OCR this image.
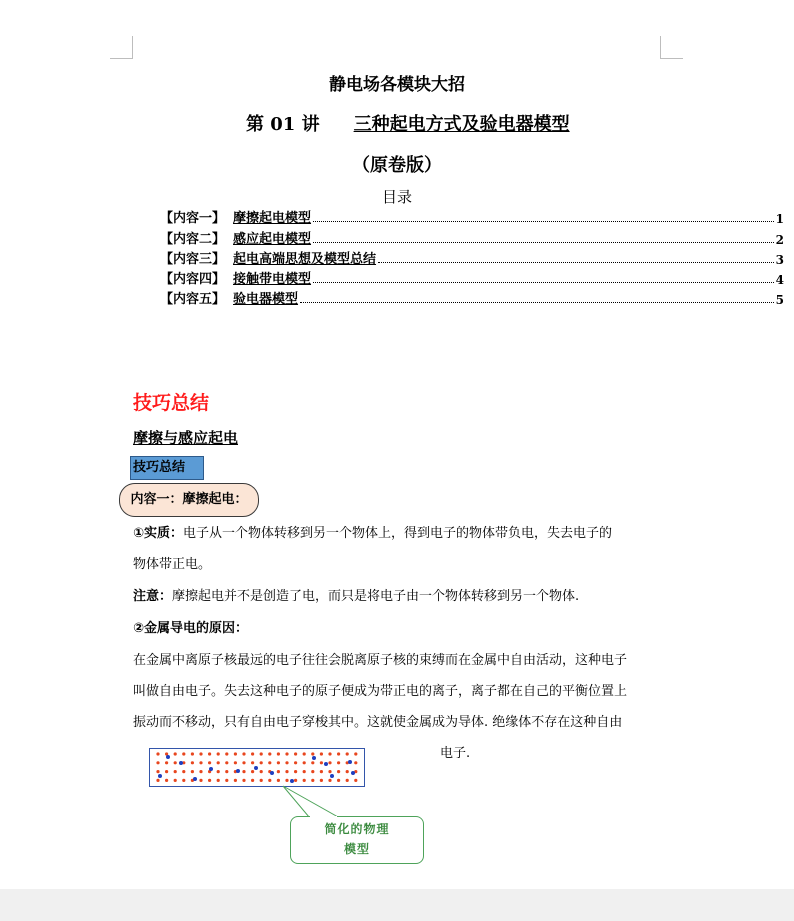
静电场各模块大招
第 01 讲 三种起电方式及验电器模型
（原卷版）
目录
【内容一】 摩擦起电模型	1
【内容二】 感应起电模型	2
【内容三】 起电高端思想及模型总结	3
【内容四】 接触带电模型	4
【内容五】 验电器模型	5
技巧总结
摩擦与感应起电
技巧总结
内容一：摩擦起电：
①实质：电子从一个物体转移到另一个物体上，得到电子的物体带负电，失去电子的
物体带正电。
注意：摩擦起电并不是创造了电，而只是将电子由一个物体转移到另一个物体.
②金属导电的原因：
在金属中离原子核最远的电子往往会脱离原子核的束缚而在金属中自由活动，这种电子
叫做自由电子。失去这种电子的原子便成为带正电的离子，离子都在自己的平衡位置上
振动而不移动，只有自由电子穿梭其中。这就使金属成为导体. 绝缘体不存在这种自由
电子.
简化的物理
模型
